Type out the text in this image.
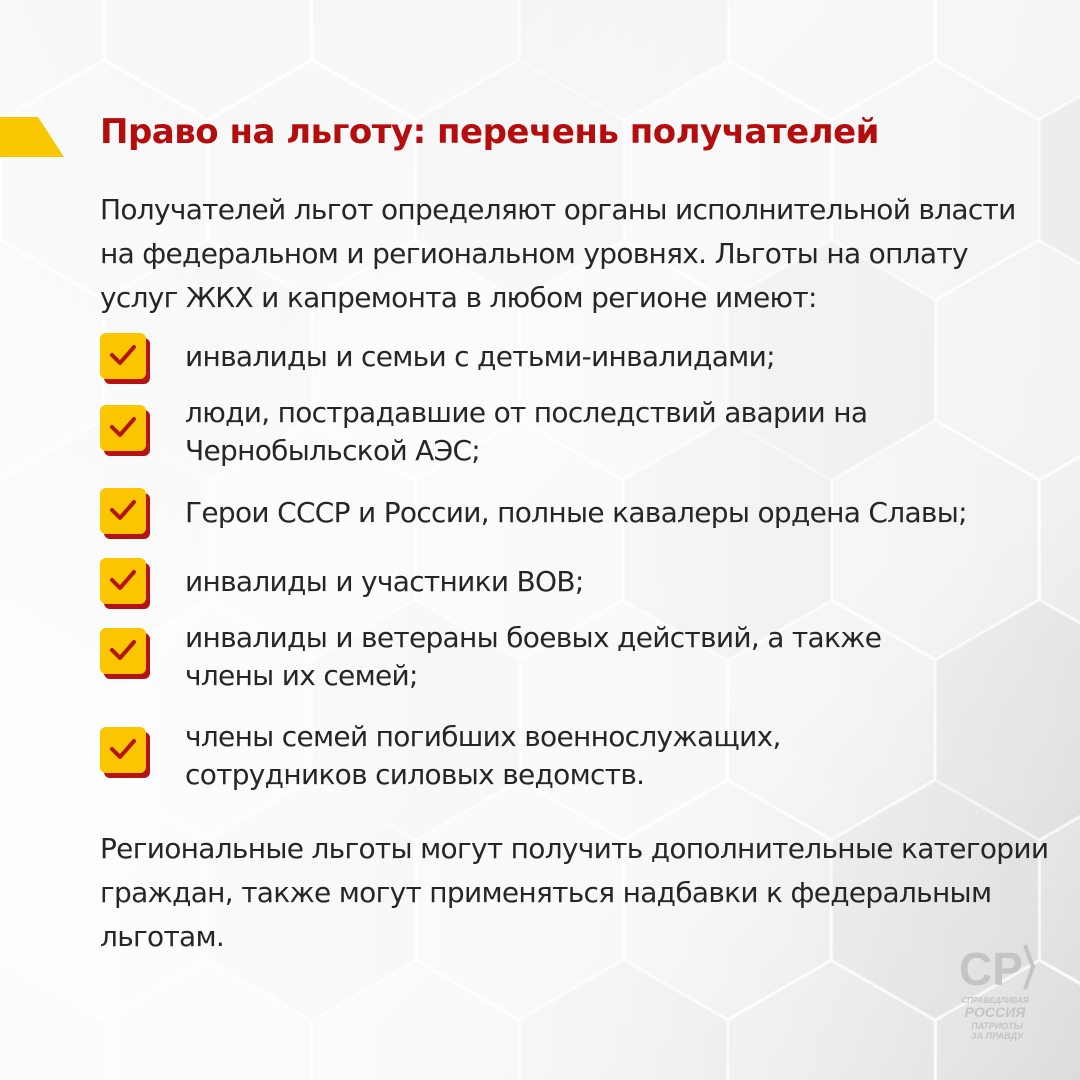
Право на льготу: перечень получателей

Получателей льгот определяют органы исполнительной власти на федеральном и региональном уровнях. Льготы на оплату услуг ЖКХ и капремонта в любом регионе имеют:

инвалиды и семьи с детьми-инвалидами;

люди, пострадавшие от последствий аварии на Чернобыльской АЭС;

Герои СССР и России, полные кавалеры ордена Славы;

инвалиды и участники ВОВ;

инвалиды и ветераны боевых действий, а также члены их семей;

члены семей погибших военнослужащих, сотрудников силовых ведомств.

Региональные льготы могут получить дополнительные категории граждан, также могут применяться надбавки к федеральным льготам.

СР
СПРАВЕДЛИВАЯ
РОССИЯ
ПАТРИОТЫ
ЗА ПРАВДУ
